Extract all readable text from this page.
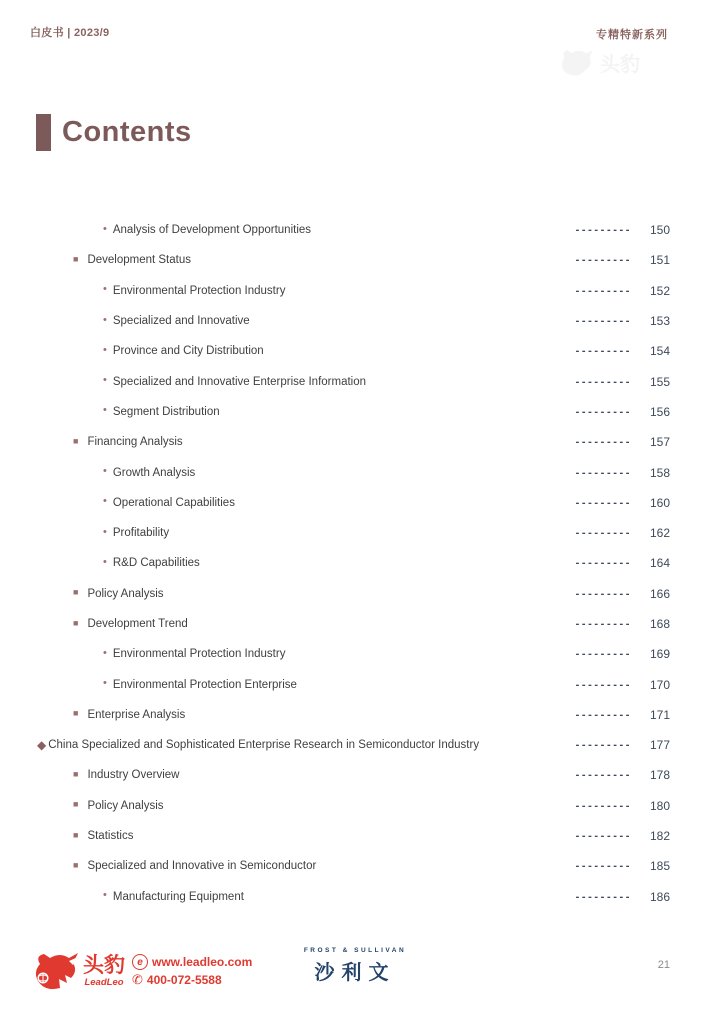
白皮书 | 2023/9	专精特新系列
头豹
Contents
• Analysis of Development Opportunities	---------	150
■ Development Status	---------	151
• Environmental Protection Industry	---------	152
• Specialized and Innovative	---------	153
• Province and City Distribution	---------	154
• Specialized and Innovative Enterprise Information	---------	155
• Segment Distribution	---------	156
■ Financing Analysis	---------	157
• Growth Analysis	---------	158
• Operational Capabilities	---------	160
• Profitability	---------	162
• R&D Capabilities	---------	164
■ Policy Analysis	---------	166
■ Development Trend	---------	168
• Environmental Protection Industry	---------	169
• Environmental Protection Enterprise	---------	170
■ Enterprise Analysis	---------	171
◆ China Specialized and Sophisticated Enterprise Research in Semiconductor Industry	---------	177
■ Industry Overview	---------	178
■ Policy Analysis	---------	180
■ Statistics	---------	182
■ Specialized and Innovative in Semiconductor	---------	185
• Manufacturing Equipment	---------	186
头豹
LeadLeo
e www.leadleo.com
✆ 400-072-5588
FROST & SULLIVAN
沙利文	21
